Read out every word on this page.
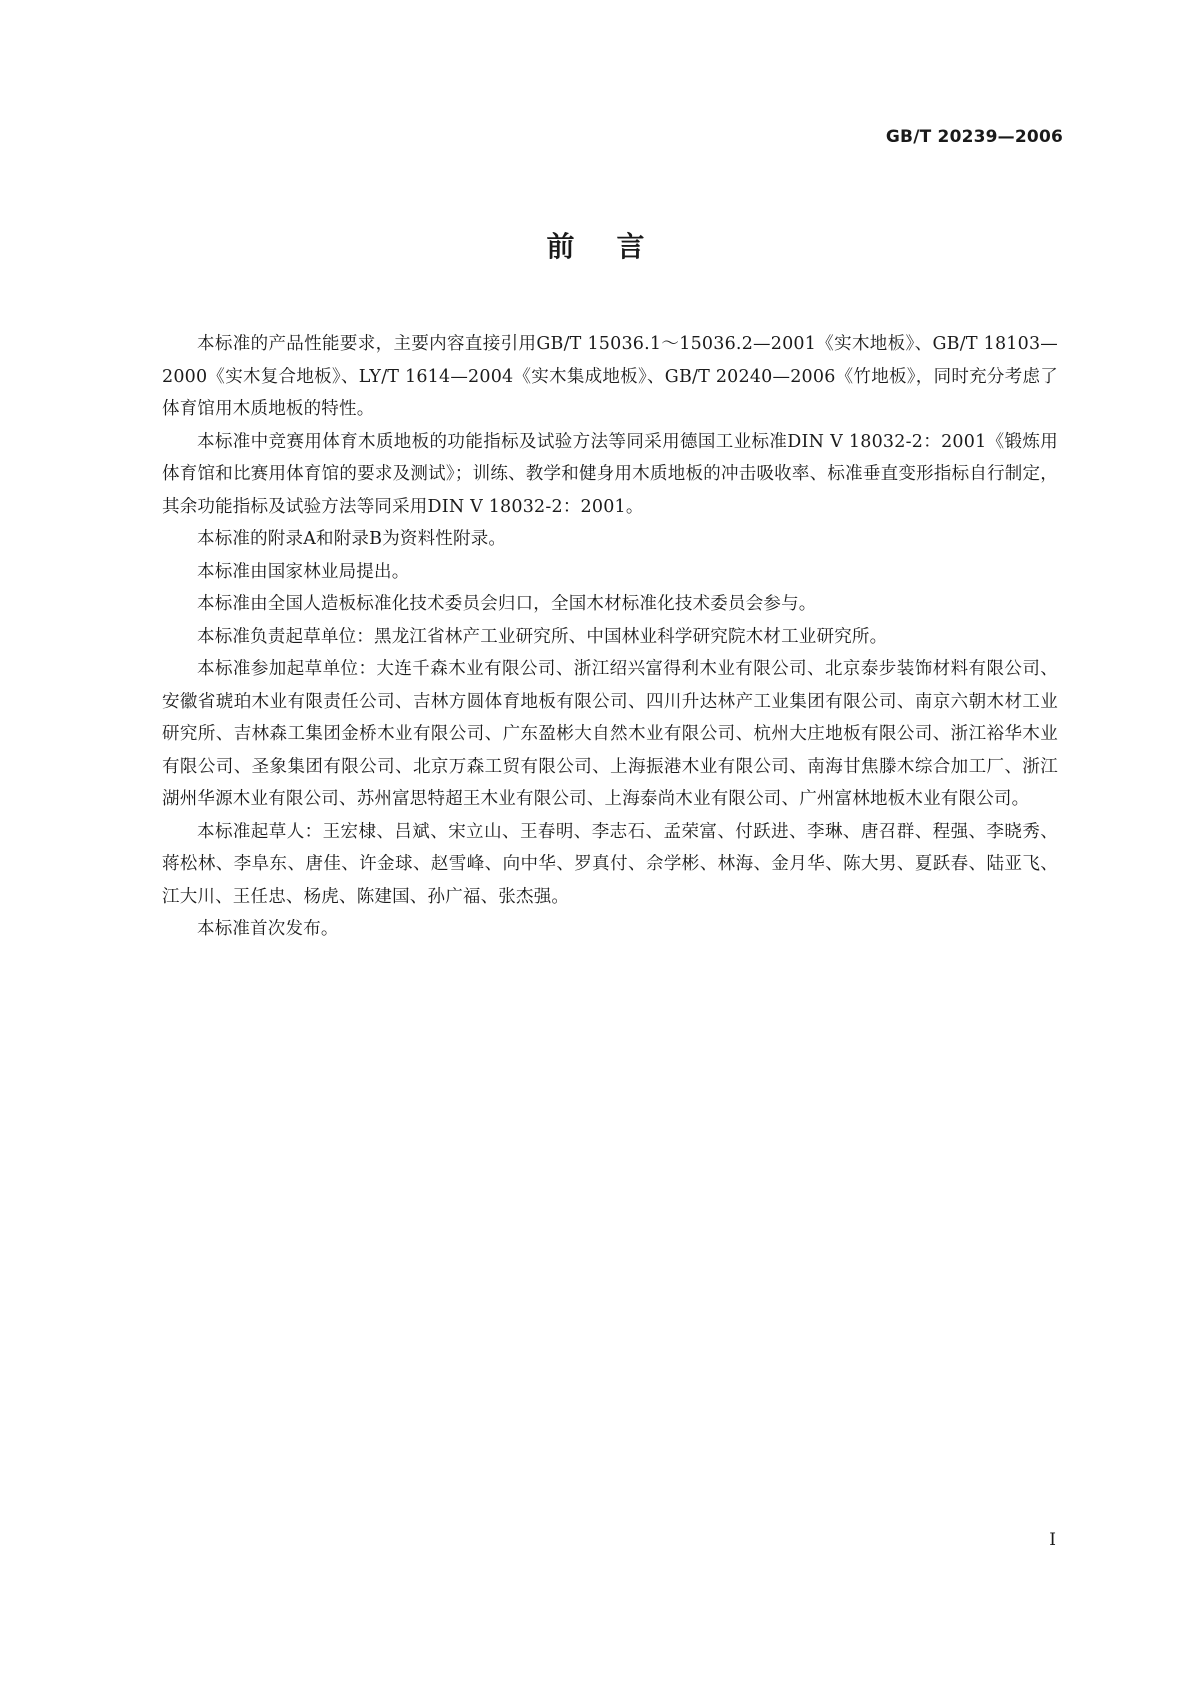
GB/T 20239—2006
前言

本标准的产品性能要求，主要内容直接引用GB/T 15036.1～15036.2—2001《实木地板》、GB/T 18103—2000《实木复合地板》、LY/T 1614—2004《实木集成地板》、GB/T 20240—2006《竹地板》，同时充分考虑了体育馆用木质地板的特性。

本标准中竞赛用体育木质地板的功能指标及试验方法等同采用德国工业标准DIN V 18032-2：2001《锻炼用体育馆和比赛用体育馆的要求及测试》；训练、教学和健身用木质地板的冲击吸收率、标准垂直变形指标自行制定，其余功能指标及试验方法等同采用DIN V 18032-2：2001。

本标准的附录A和附录B为资料性附录。

本标准由国家林业局提出。

本标准由全国人造板标准化技术委员会归口，全国木材标准化技术委员会参与。

本标准负责起草单位：黑龙江省林产工业研究所、中国林业科学研究院木材工业研究所。

本标准参加起草单位：大连千森木业有限公司、浙江绍兴富得利木业有限公司、北京泰步装饰材料有限公司、安徽省琥珀木业有限责任公司、吉林方圆体育地板有限公司、四川升达林产工业集团有限公司、南京六朝木材工业研究所、吉林森工集团金桥木业有限公司、广东盈彬大自然木业有限公司、杭州大庄地板有限公司、浙江裕华木业有限公司、圣象集团有限公司、北京万森工贸有限公司、上海振港木业有限公司、南海甘焦滕木综合加工厂、浙江湖州华源木业有限公司、苏州富思特超王木业有限公司、上海泰尚木业有限公司、广州富林地板木业有限公司。

本标准起草人：王宏棣、吕斌、宋立山、王春明、李志石、孟荣富、付跃进、李琳、唐召群、程强、李晓秀、蒋松林、李阜东、唐佳、许金球、赵雪峰、向中华、罗真付、佘学彬、林海、金月华、陈大男、夏跃春、陆亚飞、江大川、王任忠、杨虎、陈建国、孙广福、张杰强。

本标准首次发布。

I
